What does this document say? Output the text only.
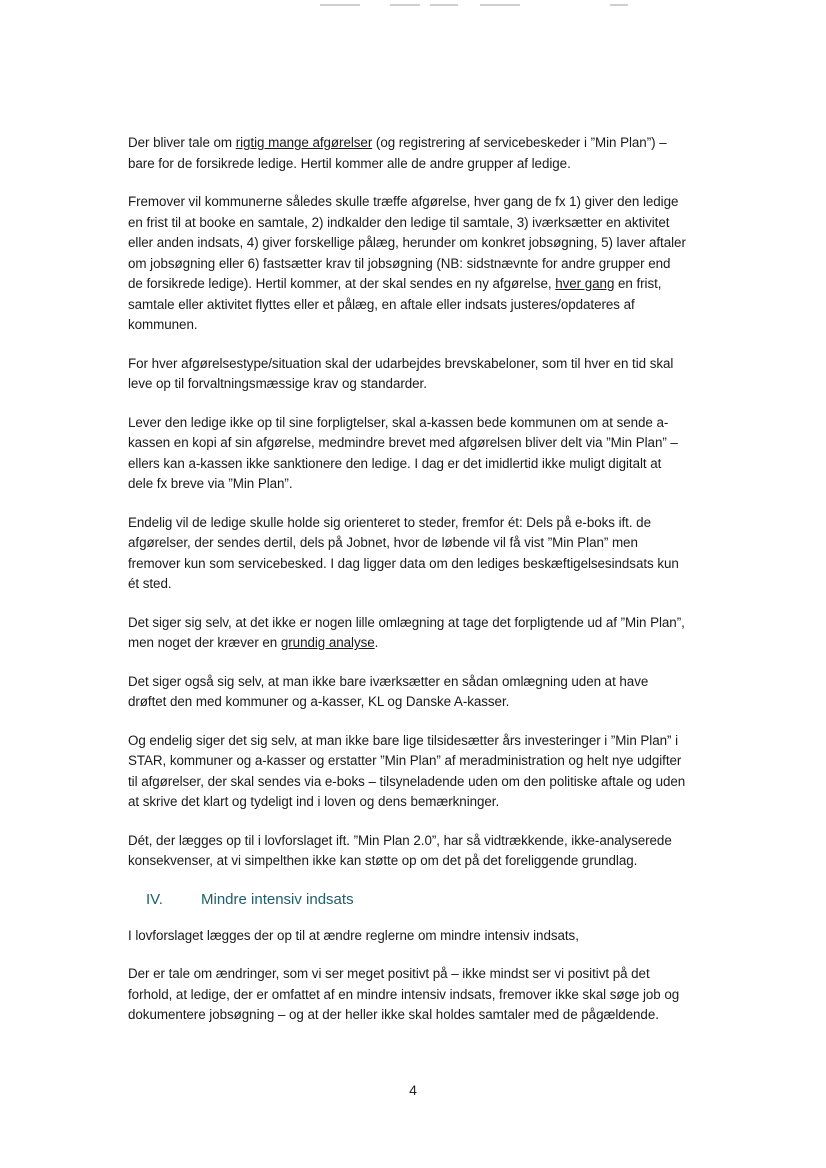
Der bliver tale om rigtig mange afgørelser (og registrering af servicebeskeder i ”Min Plan”) – bare for de forsikrede ledige. Hertil kommer alle de andre grupper af ledige.

Fremover vil kommunerne således skulle træffe afgørelse, hver gang de fx 1) giver den ledige en frist til at booke en samtale, 2) indkalder den ledige til samtale, 3) iværksætter en aktivitet eller anden indsats, 4) giver forskellige pålæg, herunder om konkret jobsøgning, 5) laver aftaler om jobsøgning eller 6) fastsætter krav til jobsøgning (NB: sidstnævnte for andre grupper end de forsikrede ledige). Hertil kommer, at der skal sendes en ny afgørelse, hver gang en frist, samtale eller aktivitet flyttes eller et pålæg, en aftale eller indsats justeres/opdateres af kommunen.

For hver afgørelsestype/situation skal der udarbejdes brevskabeloner, som til hver en tid skal leve op til forvaltningsmæssige krav og standarder.

Lever den ledige ikke op til sine forpligtelser, skal a-kassen bede kommunen om at sende a-kassen en kopi af sin afgørelse, medmindre brevet med afgørelsen bliver delt via ”Min Plan” – ellers kan a-kassen ikke sanktionere den ledige. I dag er det imidlertid ikke muligt digitalt at dele fx breve via ”Min Plan”.

Endelig vil de ledige skulle holde sig orienteret to steder, fremfor ét: Dels på e-boks ift. de afgørelser, der sendes dertil, dels på Jobnet, hvor de løbende vil få vist ”Min Plan” men fremover kun som servicebesked. I dag ligger data om den lediges beskæftigelsesindsats kun ét sted.

Det siger sig selv, at det ikke er nogen lille omlægning at tage det forpligtende ud af ”Min Plan”, men noget der kræver en grundig analyse.

Det siger også sig selv, at man ikke bare iværksætter en sådan omlægning uden at have drøftet den med kommuner og a-kasser, KL og Danske A-kasser.

Og endelig siger det sig selv, at man ikke bare lige tilsidesætter års investeringer i ”Min Plan” i STAR, kommuner og a-kasser og erstatter ”Min Plan” af meradministration og helt nye udgifter til afgørelser, der skal sendes via e-boks – tilsyneladende uden om den politiske aftale og uden at skrive det klart og tydeligt ind i loven og dens bemærkninger.

Dét, der lægges op til i lovforslaget ift. ”Min Plan 2.0”, har så vidtrækkende, ikke-analyserede konsekvenser, at vi simpelthen ikke kan støtte op om det på det foreliggende grundlag.

IV.	Mindre intensiv indsats

I lovforslaget lægges der op til at ændre reglerne om mindre intensiv indsats,

Der er tale om ændringer, som vi ser meget positivt på – ikke mindst ser vi positivt på det forhold, at ledige, der er omfattet af en mindre intensiv indsats, fremover ikke skal søge job og dokumentere jobsøgning – og at der heller ikke skal holdes samtaler med de pågældende.

4
